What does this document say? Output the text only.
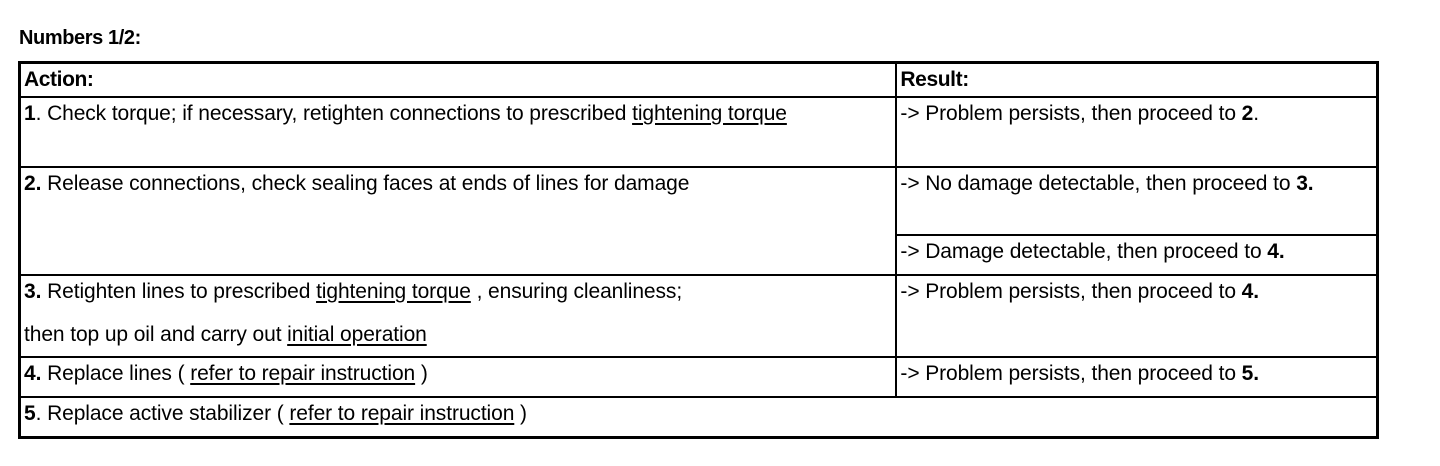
Numbers 1/2:
Action:	Result:
1. Check torque; if necessary, retighten connections to prescribed tightening torque	-> Problem persists, then proceed to 2.
2. Release connections, check sealing faces at ends of lines for damage	-> No damage detectable, then proceed to 3.
	-> Damage detectable, then proceed to 4.
3. Retighten lines to prescribed tightening torque , ensuring cleanliness;
then top up oil and carry out initial operation	-> Problem persists, then proceed to 4.
4. Replace lines ( refer to repair instruction )	-> Problem persists, then proceed to 5.
5. Replace active stabilizer ( refer to repair instruction )	
